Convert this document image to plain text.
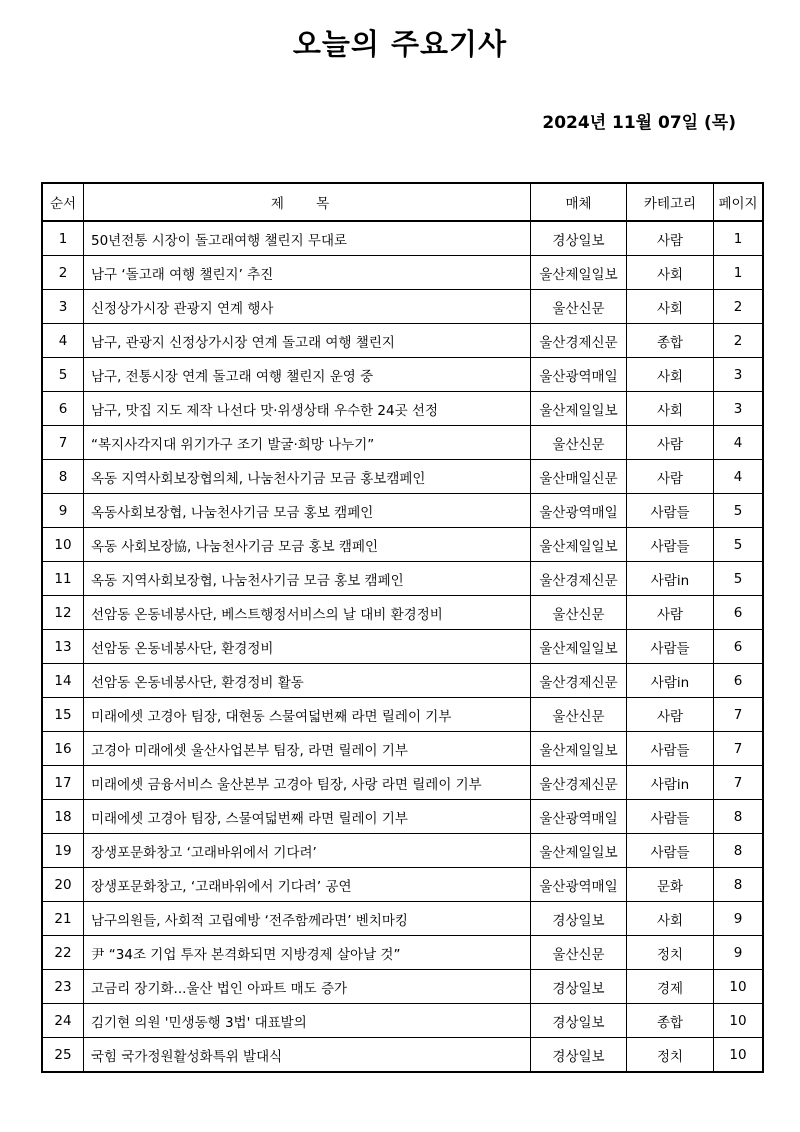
오늘의 주요기사
2024년 11월 07일 (목)
순서	제 목	매체	카테고리	페이지
1	50년전통 시장이 돌고래여행 챌린지 무대로	경상일보	사람	1
2	남구 ‘돌고래 여행 챌린지’ 추진	울산제일일보	사회	1
3	신정상가시장 관광지 연계 행사	울산신문	사회	2
4	남구, 관광지 신정상가시장 연계 돌고래 여행 챌린지	울산경제신문	종합	2
5	남구, 전통시장 연계 돌고래 여행 챌린지 운영 중	울산광역매일	사회	3
6	남구, 맛집 지도 제작 나선다 맛·위생상태 우수한 24곳 선정	울산제일일보	사회	3
7	“복지사각지대 위기가구 조기 발굴·희망 나누기”	울산신문	사람	4
8	옥동 지역사회보장협의체, 나눔천사기금 모금 홍보캠페인	울산매일신문	사람	4
9	옥동사회보장협, 나눔천사기금 모금 홍보 캠페인	울산광역매일	사람들	5
10	옥동 사회보장協, 나눔천사기금 모금 홍보 캠페인	울산제일일보	사람들	5
11	옥동 지역사회보장협, 나눔천사기금 모금 홍보 캠페인	울산경제신문	사람in	5
12	선암동 온동네봉사단, 베스트행정서비스의 날 대비 환경정비	울산신문	사람	6
13	선암동 온동네봉사단, 환경정비	울산제일일보	사람들	6
14	선암동 온동네봉사단, 환경정비 활동	울산경제신문	사람in	6
15	미래에셋 고경아 팀장, 대현동 스물여덟번째 라면 릴레이 기부	울산신문	사람	7
16	고경아 미래에셋 울산사업본부 팀장, 라면 릴레이 기부	울산제일일보	사람들	7
17	미래에셋 금융서비스 울산본부 고경아 팀장, 사랑 라면 릴레이 기부	울산경제신문	사람in	7
18	미래에셋 고경아 팀장, 스물여덟번째 라면 릴레이 기부	울산광역매일	사람들	8
19	장생포문화창고 ‘고래바위에서 기다려’	울산제일일보	사람들	8
20	장생포문화창고, ‘고래바위에서 기다려’ 공연	울산광역매일	문화	8
21	남구의원들, 사회적 고립예방 ‘전주함께라면’ 벤치마킹	경상일보	사회	9
22	尹 “34조 기업 투자 본격화되면 지방경제 살아날 것”	울산신문	정치	9
23	고금리 장기화...울산 법인 아파트 매도 증가	경상일보	경제	10
24	김기현 의원 '민생동행 3법' 대표발의	경상일보	종합	10
25	국힘 국가정원활성화특위 발대식	경상일보	정치	10
